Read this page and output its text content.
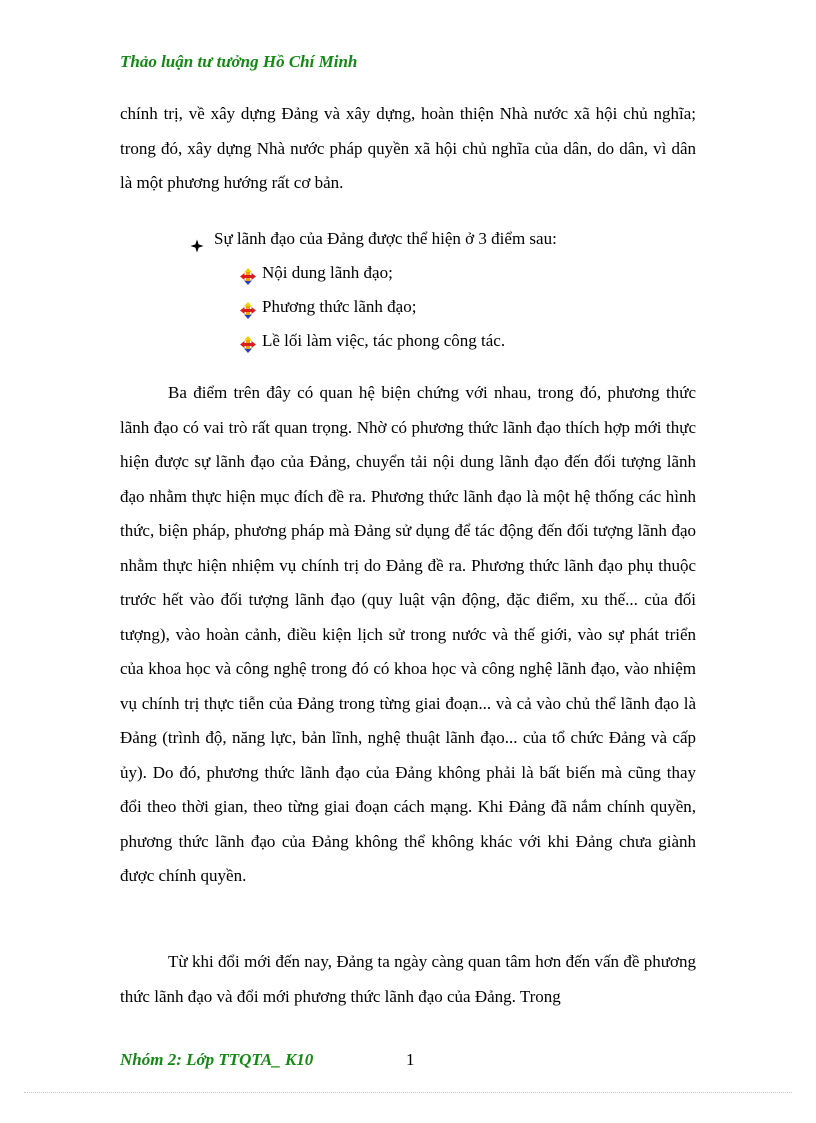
Thảo luận tư tưởng Hồ Chí Minh

chính trị, về xây dựng Đảng và xây dựng, hoàn thiện Nhà nước xã hội chủ nghĩa; trong đó, xây dựng Nhà nước pháp quyền xã hội chủ nghĩa của dân, do dân, vì dân là một phương hướng rất cơ bản.

Sự lãnh đạo của Đảng được thể hiện ở 3 điểm sau:
Nội dung lãnh đạo;
Phương thức lãnh đạo;
Lề lối làm việc, tác phong công tác.

Ba điểm trên đây có quan hệ biện chứng với nhau, trong đó, phương thức lãnh đạo có vai trò rất quan trọng. Nhờ có phương thức lãnh đạo thích hợp mới thực hiện được sự lãnh đạo của Đảng, chuyển tải nội dung lãnh đạo đến đối tượng lãnh đạo nhằm thực hiện mục đích đề ra. Phương thức lãnh đạo là một hệ thống các hình thức, biện pháp, phương pháp mà Đảng sử dụng để tác động đến đối tượng lãnh đạo nhằm thực hiện nhiệm vụ chính trị do Đảng đề ra. Phương thức lãnh đạo phụ thuộc trước hết vào đối tượng lãnh đạo (quy luật vận động, đặc điểm, xu thế... của đối tượng), vào hoàn cảnh, điều kiện lịch sử trong nước và thế giới, vào sự phát triển của khoa học và công nghệ trong đó có khoa học và công nghệ lãnh đạo, vào nhiệm vụ chính trị thực tiễn của Đảng trong từng giai đoạn... và cả vào chủ thể lãnh đạo là Đảng (trình độ, năng lực, bản lĩnh, nghệ thuật lãnh đạo... của tổ chức Đảng và cấp ủy). Do đó, phương thức lãnh đạo của Đảng không phải là bất biến mà cũng thay đổi theo thời gian, theo từng giai đoạn cách mạng. Khi Đảng đã nắm chính quyền, phương thức lãnh đạo của Đảng không thể không khác với khi Đảng chưa giành được chính quyền.

Từ khi đổi mới đến nay, Đảng ta ngày càng quan tâm hơn đến vấn đề phương thức lãnh đạo và đổi mới phương thức lãnh đạo của Đảng. Trong

Nhóm 2: Lớp TTQTA_ K10	1
